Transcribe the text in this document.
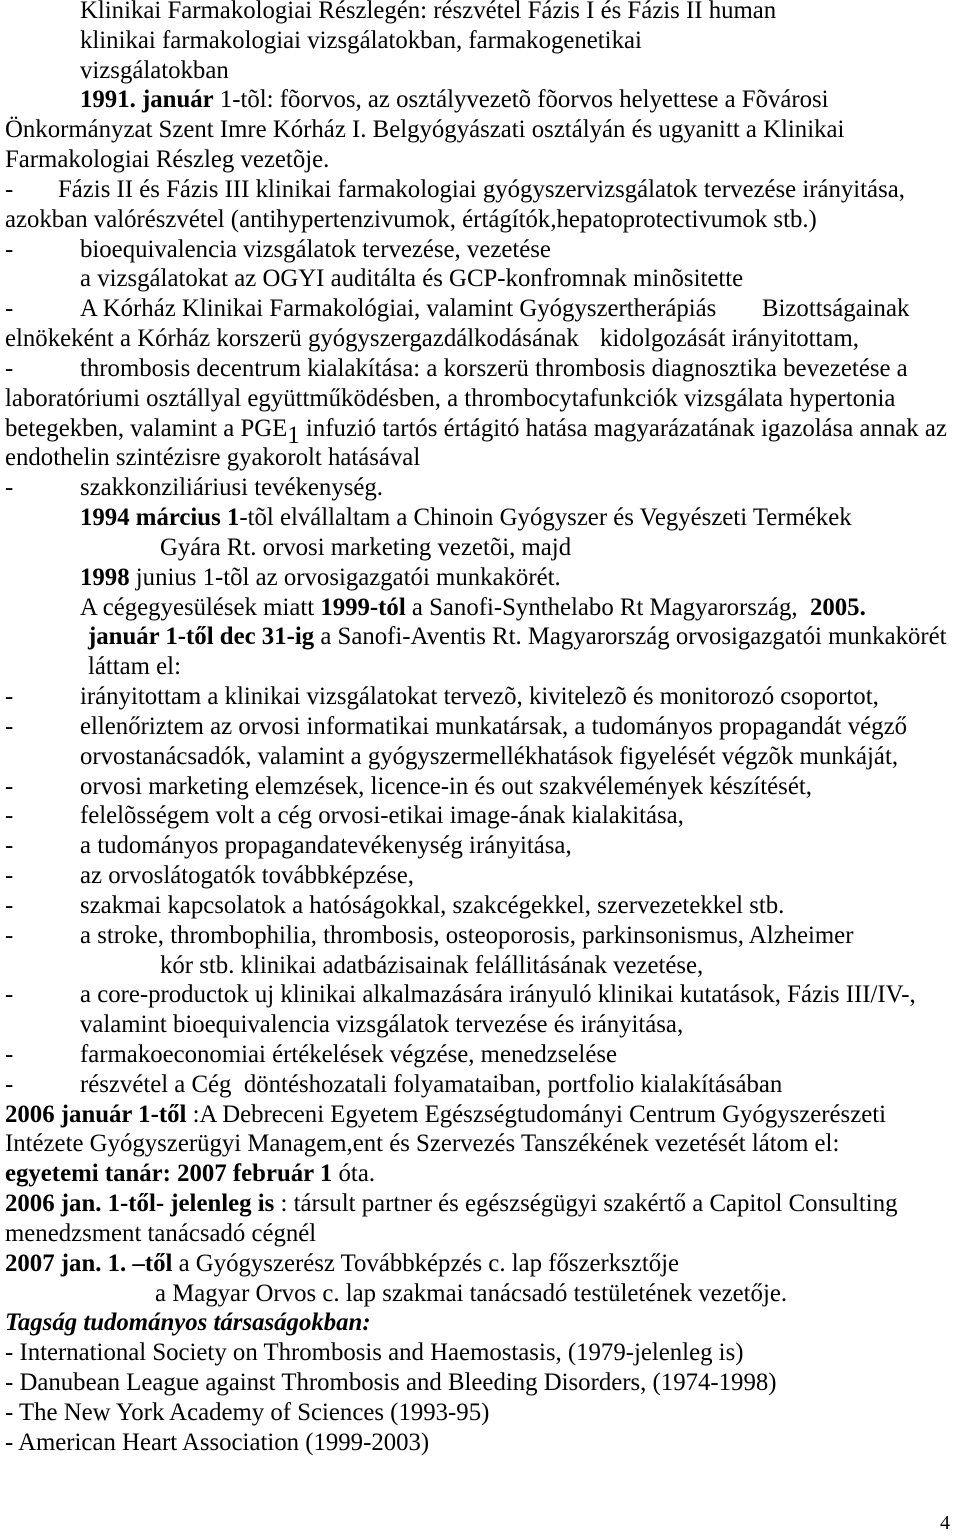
Klinikai Farmakologiai Részlegén: részvétel Fázis I és Fázis II human
klinikai farmakologiai vizsgálatokban, farmakogenetikai
vizsgálatokban
1991. január 1-tõl: fõorvos, az osztályvezetõ fõorvos helyettese a Fõvárosi
Önkormányzat Szent Imre Kórház I. Belgyógyászati osztályán és ugyanitt a Klinikai
Farmakologiai Részleg vezetõje.
- Fázis II és Fázis III klinikai farmakologiai gyógyszervizsgálatok tervezése irányitása,
azokban valórészvétel (antihypertenzivumok, értágítók,hepatoprotectivumok stb.)
-	bioequivalencia vizsgálatok tervezése, vezetése
a vizsgálatokat az OGYI auditálta és GCP-konfromnak minõsitette
-	A Kórház Klinikai Farmakológiai, valamint Gyógyszertherápiás Bizottságainak
elnökeként a Kórház korszerü gyógyszergazdálkodásának kidolgozását irányitottam,
-	thrombosis decentrum kialakítása: a korszerü thrombosis diagnosztika bevezetése a
laboratóriumi osztállyal együttműködésben, a thrombocytafunkciók vizsgálata hypertonia
betegekben, valamint a PGE1 infuzió tartós értágitó hatása magyarázatának igazolása annak az
endothelin szintézisre gyakorolt hatásával
-	szakkonziliáriusi tevékenység.
1994 március 1-tõl elvállaltam a Chinoin Gyógyszer és Vegyészeti Termékek
Gyára Rt. orvosi marketing vezetõi, majd
1998 junius 1-tõl az orvosigazgatói munkakörét.
A cégegyesülések miatt 1999-tól a Sanofi-Synthelabo Rt Magyarország,  2005.
január 1-től dec 31-ig a Sanofi-Aventis Rt. Magyarország orvosigazgatói munkakörét
láttam el:
-	irányitottam a klinikai vizsgálatokat tervezõ, kivitelezõ és monitorozó csoportot,
-	ellenőriztem az orvosi informatikai munkatársak, a tudományos propagandát végző
orvostanácsadók, valamint a gyógyszermellékhatások figyelését végzõk munkáját,
-	orvosi marketing elemzések, licence-in és out szakvélemények készítését,
-	felelõsségem volt a cég orvosi-etikai image-ának kialakitása,
-	a tudományos propagandatevékenység irányitása,
-	az orvoslátogatók továbbképzése,
-	szakmai kapcsolatok a hatóságokkal, szakcégekkel, szervezetekkel stb.
-	a stroke, thrombophilia, thrombosis, osteoporosis, parkinsonismus, Alzheimer
kór stb. klinikai adatbázisainak felállitásának vezetése,
-	a core-productok uj klinikai alkalmazására irányuló klinikai kutatások, Fázis III/IV-,
valamint bioequivalencia vizsgálatok tervezése és irányitása,
-	farmakoeconomiai értékelések végzése, menedzselése
-	részvétel a Cég  döntéshozatali folyamataiban, portfolio kialakításában
2006 január 1-től :A Debreceni Egyetem Egészségtudományi Centrum Gyógyszerészeti
Intézete Gyógyszerügyi Managem,ent és Szervezés Tanszékének vezetését látom el:
egyetemi tanár: 2007 február 1 óta.
2006 jan. 1-től- jelenleg is : társult partner és egészségügyi szakértő a Capitol Consulting
menedzsment tanácsadó cégnél
2007 jan. 1. –től a Gyógyszerész Továbbképzés c. lap főszerksztője
a Magyar Orvos c. lap szakmai tanácsadó testületének vezetője.
Tagság tudományos társaságokban:
- International Society on Thrombosis and Haemostasis, (1979-jelenleg is)
- Danubean League against Thrombosis and Bleeding Disorders, (1974-1998)
- The New York Academy of Sciences (1993-95)
- American Heart Association (1999-2003)
4
